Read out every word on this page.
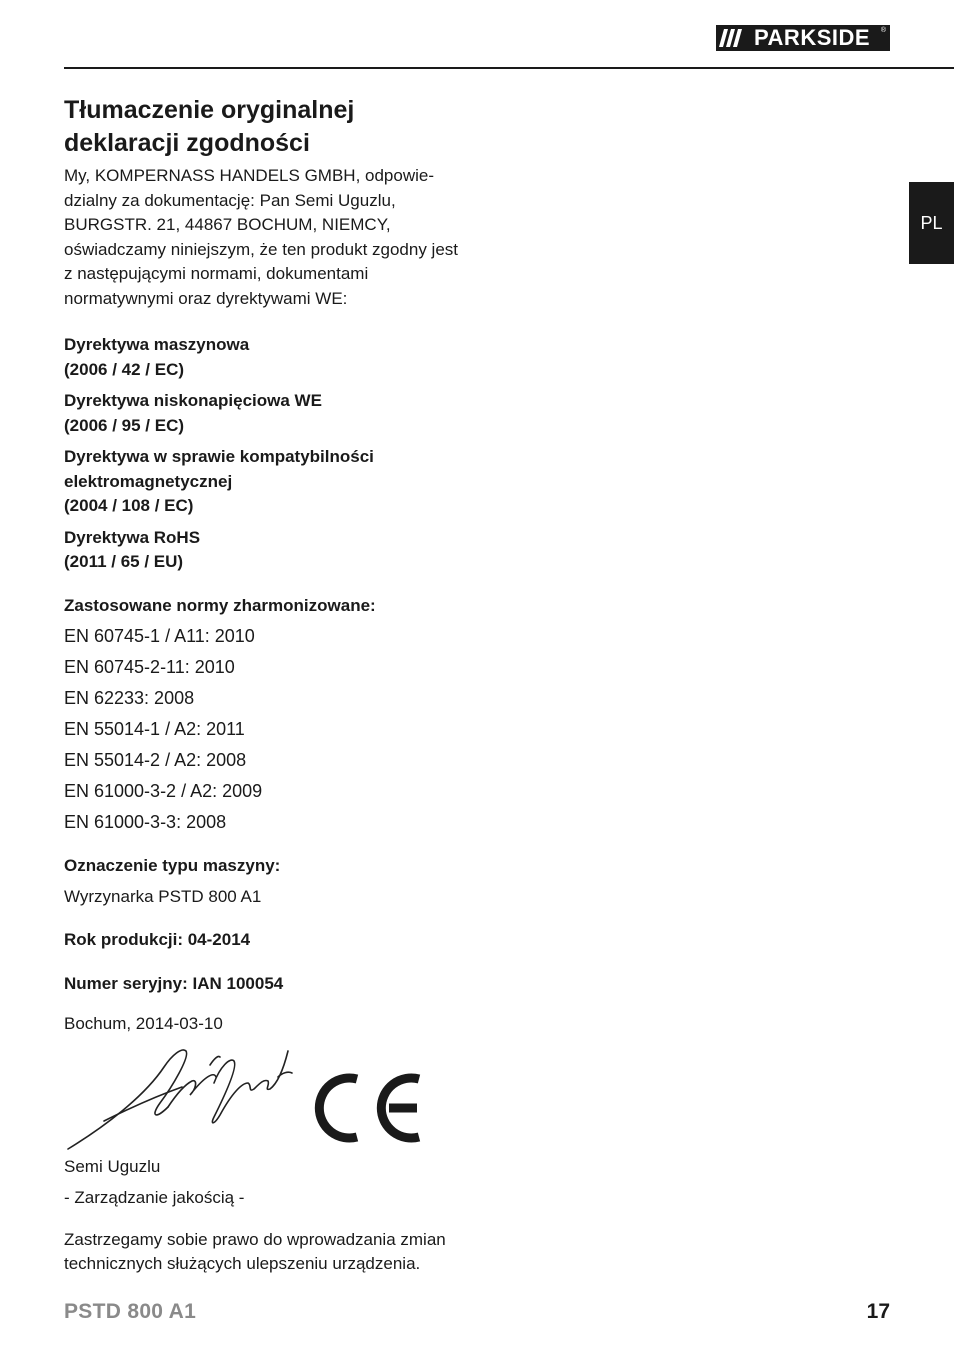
PARKSIDE ®
PL
Tłumaczenie oryginalnej deklaracji zgodności

My, KOMPERNASS HANDELS GMBH, odpowie-dzialny za dokumentację: Pan Semi Uguzlu, BURGSTR. 21, 44867 BOCHUM, NIEMCY, oświadczamy niniejszym, że ten produkt zgodny jest z następującymi normami, dokumentami normatywnymi oraz dyrektywami WE:

Dyrektywa maszynowa

(2006 / 42 / EC)

Dyrektywa niskonapięciowa WE

(2006 / 95 / EC)

Dyrektywa w sprawie kompatybilności elektromagnetycznej

(2004 / 108 / EC)

Dyrektywa RoHS

(2011 / 65 / EU)

Zastosowane normy zharmonizowane:

EN 60745-1 / A11: 2010

EN 60745-2-11: 2010

EN 62233: 2008

EN 55014-1 / A2: 2011

EN 55014-2 / A2: 2008

EN 61000-3-2 / A2: 2009

EN 61000-3-3: 2008

Oznaczenie typu maszyny:

Wyrzynarka PSTD 800 A1

Rok produkcji: 04-2014

Numer seryjny: IAN 100054

Bochum, 2014-03-10

Semi Uguzlu

- Zarządzanie jakością -

Zastrzegamy sobie prawo do wprowadzania zmian technicznych służących ulepszeniu urządzenia.

PSTD 800 A1	17
